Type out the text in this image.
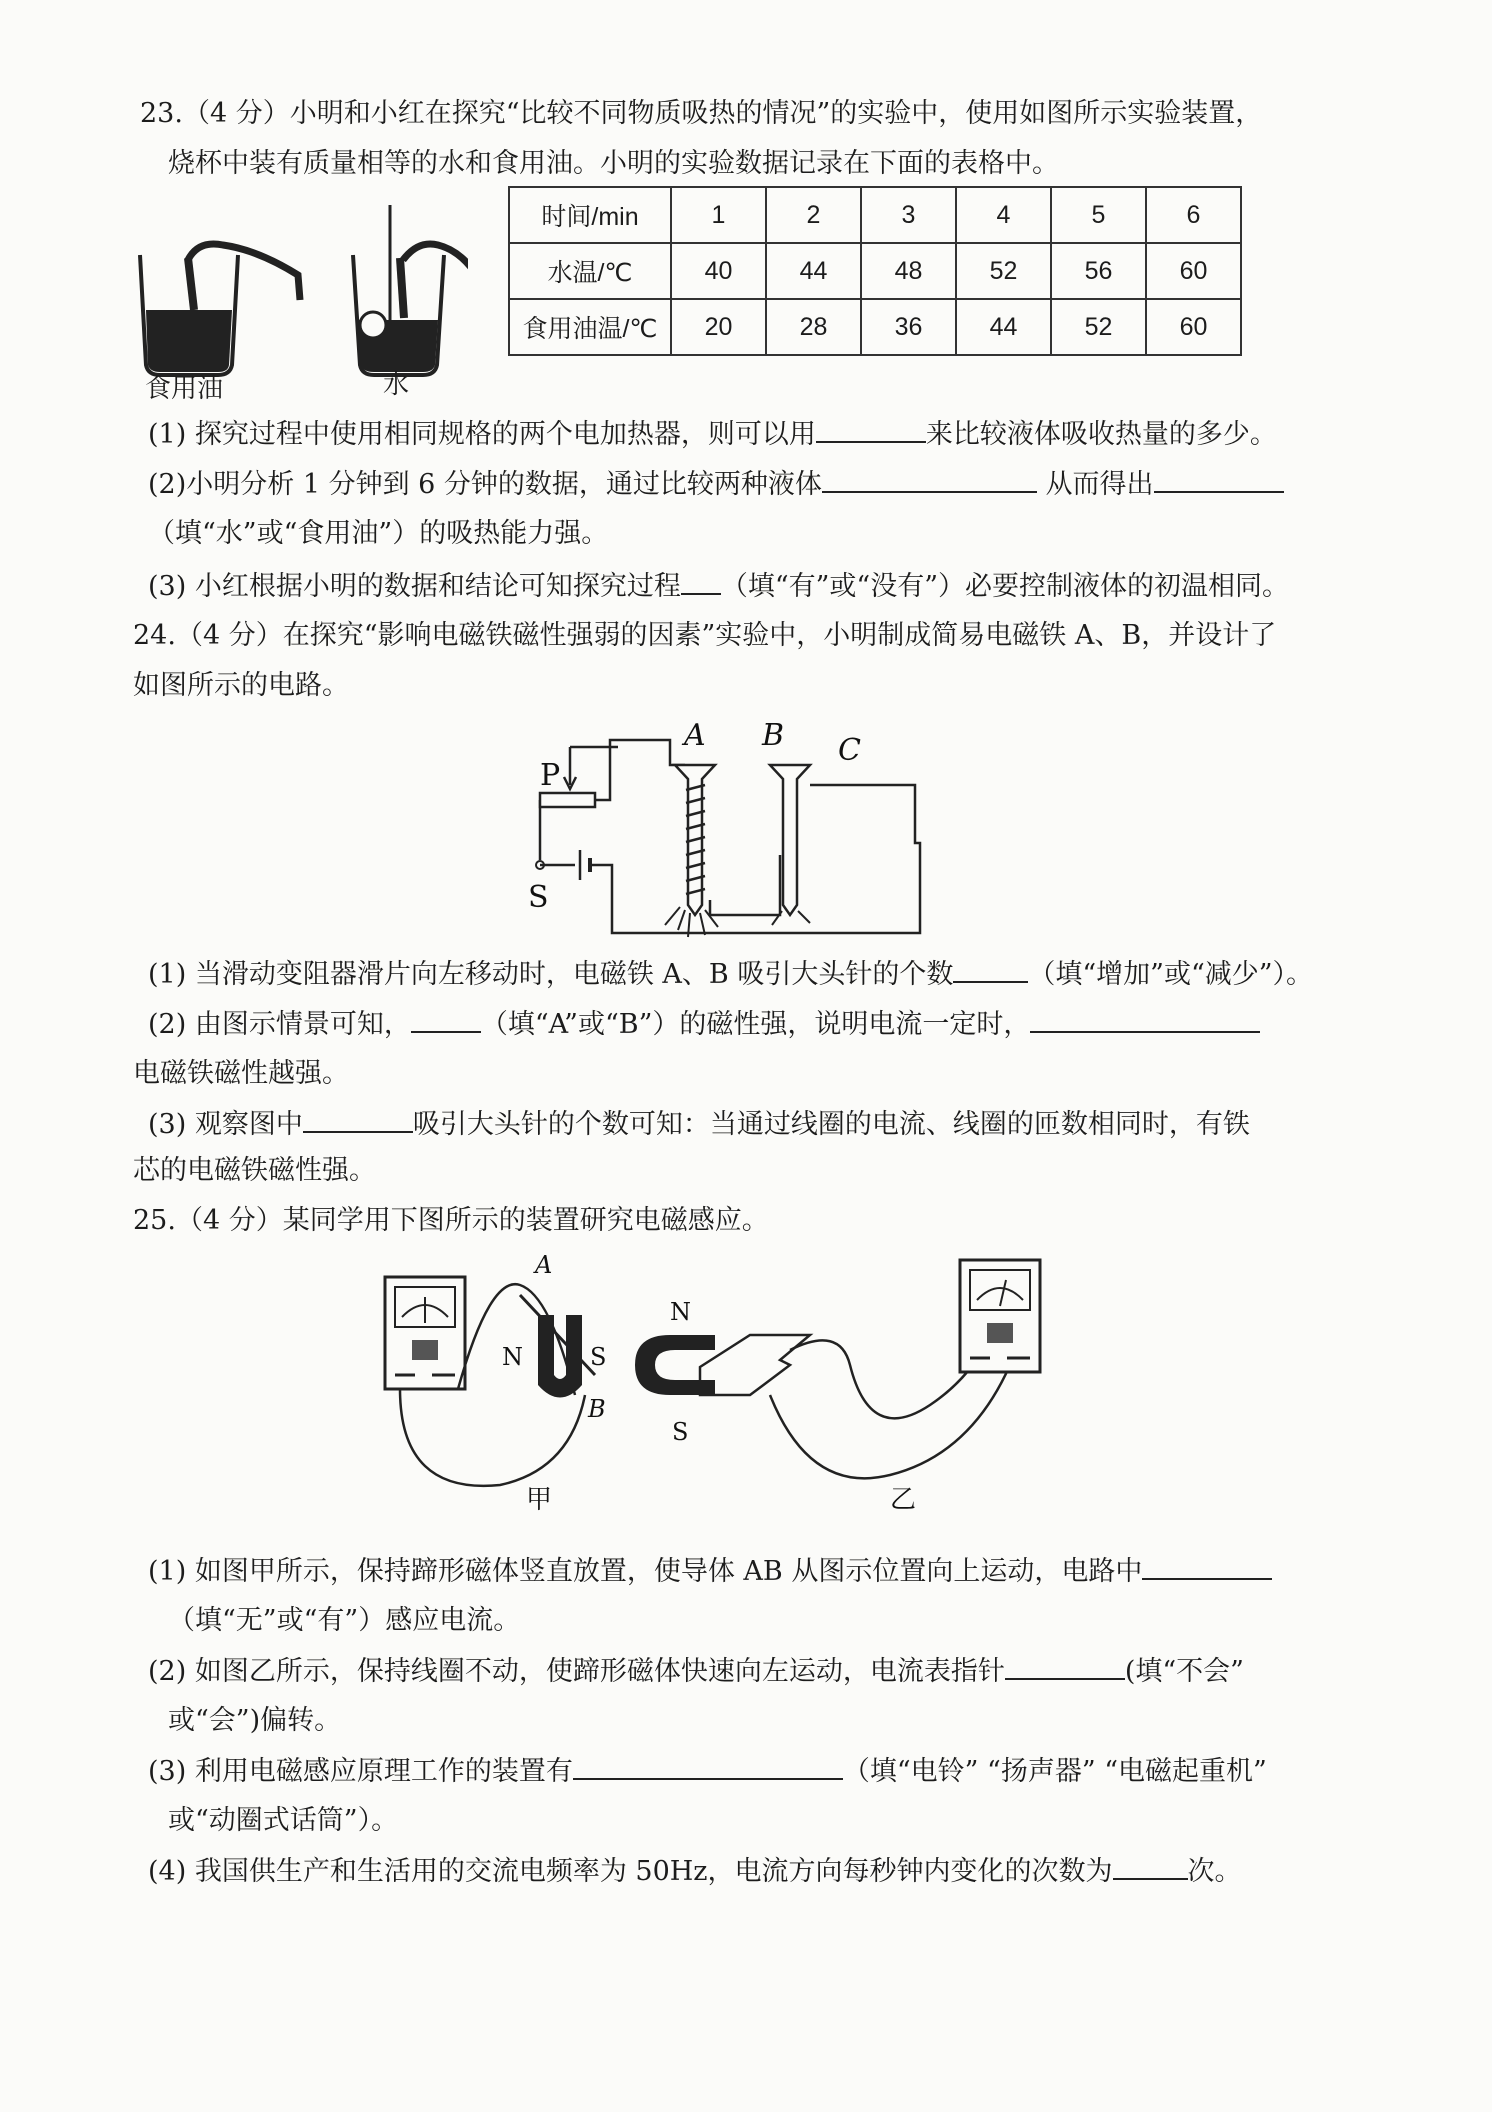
23.（4 分）小明和小红在探究“比较不同物质吸热的情况”的实验中，使用如图所示实验装置，
烧杯中装有质量相等的水和食用油。小明的实验数据记录在下面的表格中。
食用油	水
时间/min	1	2	3	4	5	6
水温/℃	40	44	48	52	56	60
食用油温/℃	20	28	36	44	52	60
(1) 探究过程中使用相同规格的两个电加热器，则可以用	来比较液体吸收热量的多少。
(2)小明分析 1 分钟到 6 分钟的数据，通过比较两种液体	从而得出
（填“水”或“食用油”）的吸热能力强。
(3) 小红根据小明的数据和结论可知探究过程 （填“有”或“没有”）必要控制液体的初温相同。
24.（4 分）在探究“影响电磁铁磁性强弱的因素”实验中，小明制成简易电磁铁 A、B，并设计了
如图所示的电路。
P
S
A B C
(1) 当滑动变阻器滑片向左移动时，电磁铁 A、B 吸引大头针的个数	（填“增加”或“减少”）。
(2) 由图示情景可知，	（填“A”或“B”）的磁性强，说明电流一定时，
电磁铁磁性越强。
(3) 观察图中	吸引大头针的个数可知：当通过线圈的电流、线圈的匝数相同时，有铁
芯的电磁铁磁性强。
25.（4 分）某同学用下图所示的装置研究电磁感应。
A
B
N	S
甲
N
S
乙
(1) 如图甲所示，保持蹄形磁体竖直放置，使导体 AB 从图示位置向上运动，电路中
（填“无”或“有”）感应电流。
(2) 如图乙所示，保持线圈不动，使蹄形磁体快速向左运动，电流表指针	(填“不会”
或“会”)偏转。
(3) 利用电磁感应原理工作的装置有	（填“电铃” “扬声器” “电磁起重机”
或“动圈式话筒”）。
(4) 我国供生产和生活用的交流电频率为 50Hz，电流方向每秒钟内变化的次数为	次。
